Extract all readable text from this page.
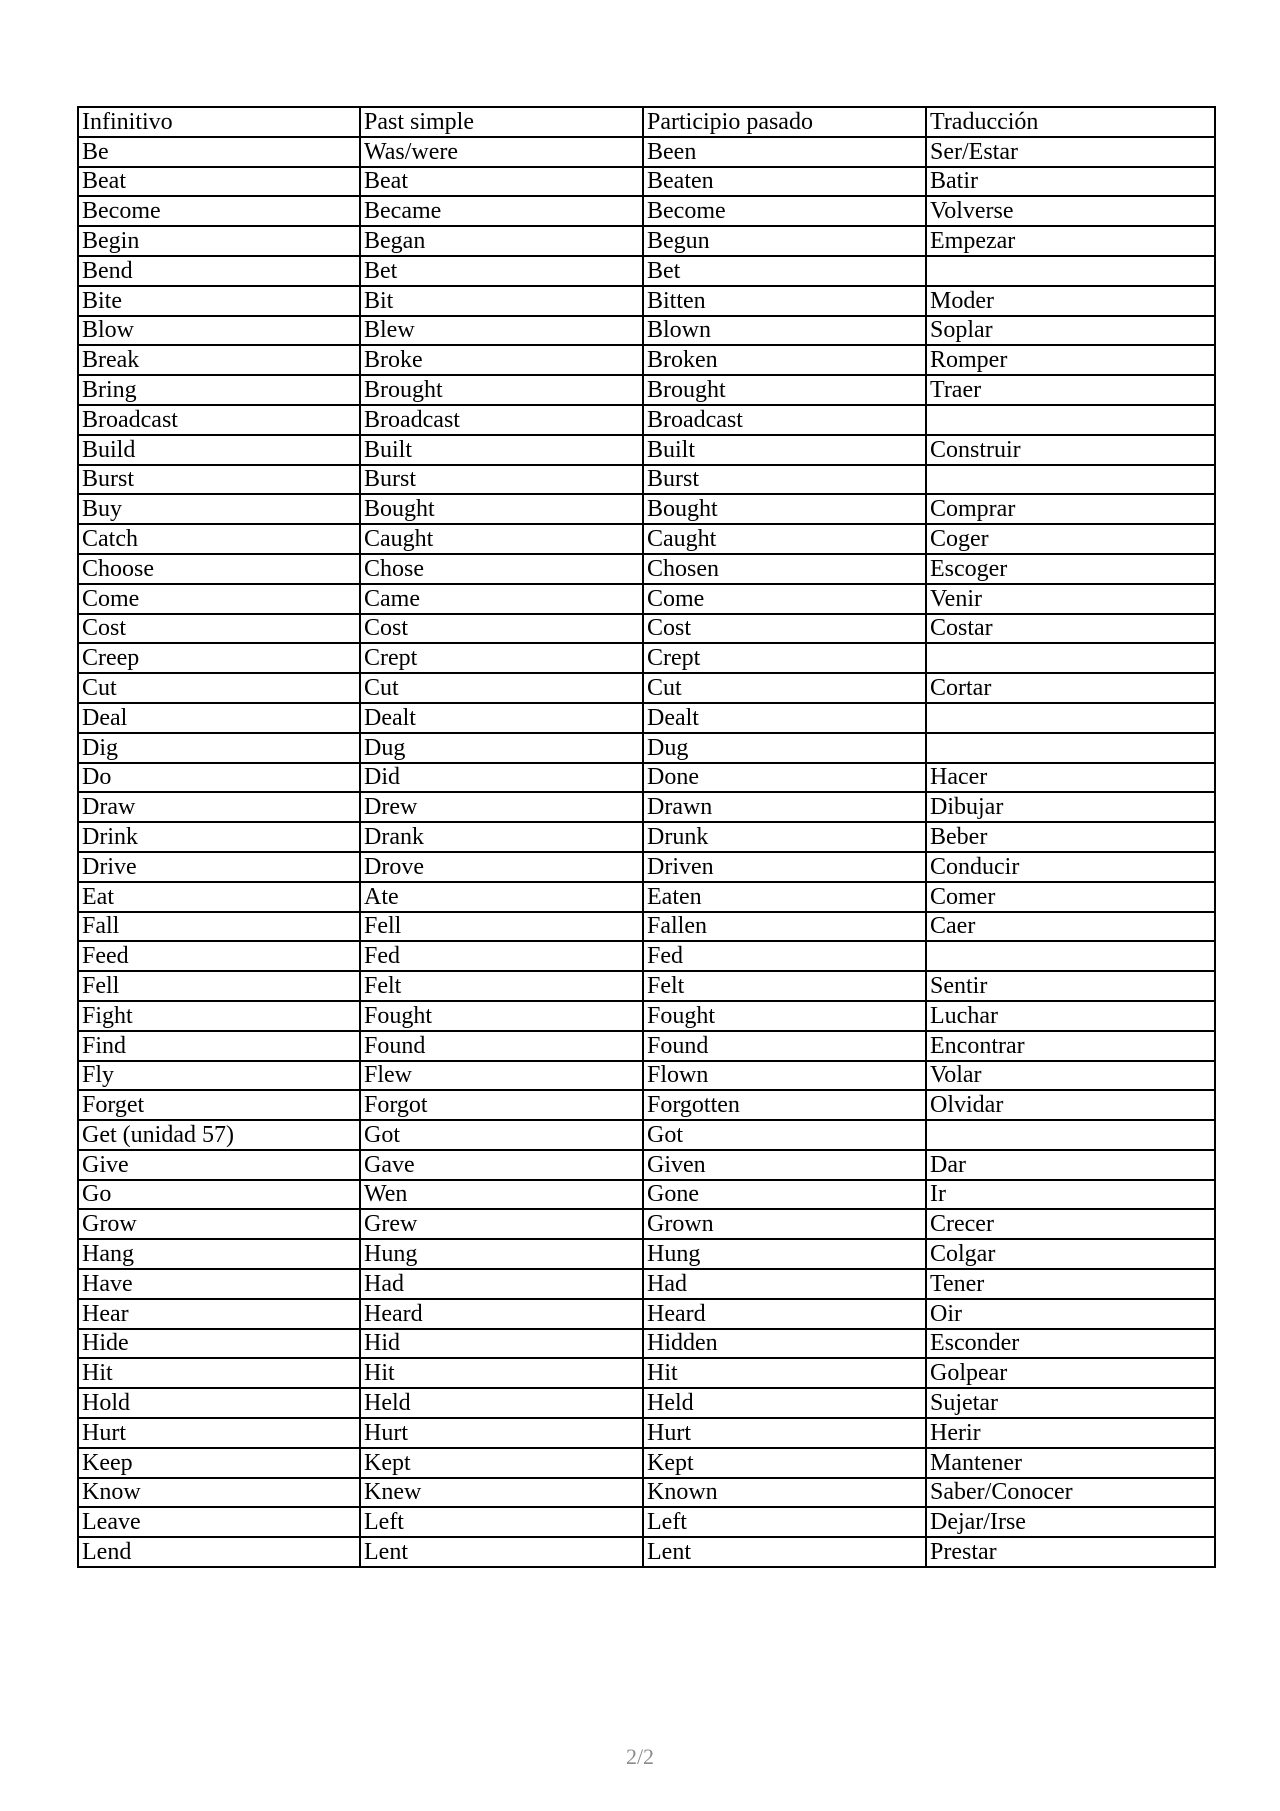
Infinitivo	Past simple	Participio pasado	Traducción
Be	Was/were	Been	Ser/Estar
Beat	Beat	Beaten	Batir
Become	Became	Become	Volverse
Begin	Began	Begun	Empezar
Bend	Bet	Bet	
Bite	Bit	Bitten	Moder
Blow	Blew	Blown	Soplar
Break	Broke	Broken	Romper
Bring	Brought	Brought	Traer
Broadcast	Broadcast	Broadcast	
Build	Built	Built	Construir
Burst	Burst	Burst	
Buy	Bought	Bought	Comprar
Catch	Caught	Caught	Coger
Choose	Chose	Chosen	Escoger
Come	Came	Come	Venir
Cost	Cost	Cost	Costar
Creep	Crept	Crept	
Cut	Cut	Cut	Cortar
Deal	Dealt	Dealt	
Dig	Dug	Dug	
Do	Did	Done	Hacer
Draw	Drew	Drawn	Dibujar
Drink	Drank	Drunk	Beber
Drive	Drove	Driven	Conducir
Eat	Ate	Eaten	Comer
Fall	Fell	Fallen	Caer
Feed	Fed	Fed	
Fell	Felt	Felt	Sentir
Fight	Fought	Fought	Luchar
Find	Found	Found	Encontrar
Fly	Flew	Flown	Volar
Forget	Forgot	Forgotten	Olvidar
Get (unidad 57)	Got	Got	
Give	Gave	Given	Dar
Go	Wen	Gone	Ir
Grow	Grew	Grown	Crecer
Hang	Hung	Hung	Colgar
Have	Had	Had	Tener
Hear	Heard	Heard	Oir
Hide	Hid	Hidden	Esconder
Hit	Hit	Hit	Golpear
Hold	Held	Held	Sujetar
Hurt	Hurt	Hurt	Herir
Keep	Kept	Kept	Mantener
Know	Knew	Known	Saber/Conocer
Leave	Left	Left	Dejar/Irse
Lend	Lent	Lent	Prestar
2/2
